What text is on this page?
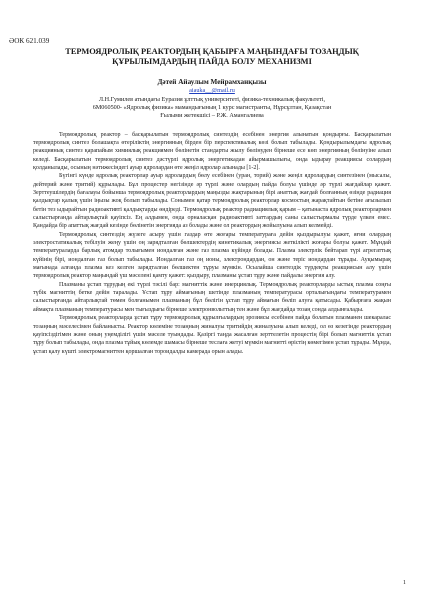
ӘОК 621.039
ТЕРМОЯДРОЛЫҚ РЕАКТОРДЫҢ ҚАБЫРҒА МАҢЫНДАҒЫ ТОЗАҢДЫҚ
ҚҰРЫЛЫМДАРДЫҢ ПАЙДА БОЛУ МЕХАНИЗМІ
Дәтей Айаулым Мейрамханқызы
aiauka__@mail.ru
Л.Н.Гумилев атындағы Еуразия ұлттық университеті, физика-техникалық факультеті,
6М060500- «Ядролық физика» мамандығының 1 курс магистранты, Нұрсұлтан, Қазақстан
Ғылыми жетекшісі – Р.Ж. Амангалиева

Термоядролық реактор – басқарылатын термоядролық синтездің есебінен энергия алынатын қондырғы. Басқарылатын термоядролық синтез болашақта өтеріліктің энергияның бірден бір перспективалық көзі болып табылады. Қондырылымдағы ядролық реакциянық синтез қарапайым химиялық реакциямен бөлінетін стандарты жылу бөлінуден бірнеше есе көп энергияның бөлінуіне алып келеді. Басқарылатын термоядролық синтез дәстүрлі ядролық энергетикадан айырмашылығы, онда ыдырау реакциясы солардың қолданылады, осының нәтижесіндегі ауыр ядролардан өте жеңіл ядролар алынады [1-2].

Бүгінгі күнде ядролық реакторлар ауыр ядролардың бөлу есебінен (уран, торий) және жеңіл ядролардың синтезінен (мысалы, дейтерий және тритий) құрылады. Бұл процестер негізінде әр түрлі және олардың пайда болуы үшінде әр түрлі жағдайлар қажет. Зерттеушілердің бағалауы бойынша термоядролық реакторлардың маңызды жақтарының бірі анаттық жағдай болғанның өзінде радиация қалдықтар қалық үшін іңызы жоқ болып табылады. Сонымен қатар термоядролық реакторлар космостың жарақтайтын бетіне ағызылып бетін тез ыдырайтын радиоактивті қалдықтарды өндіреді. Термоядролық реактор радиациялық қарым – қатынаста ядролық реакторлармен салыстырғанда айтарлықтай қауіпсіз. Ең алдымен, онда орналасқан радиоактивті заттардың саны салыстырмалы түрде үлкен емес. Қандайда бір апаттық жағдай кезінде бөлінетін энергияда аз болады және ол реактордың жойылуына алып келмейді.

Термоядролық синтездің жүзеге асыру үшін газдар өте жоғары температураға дейін қыздырылуы қажет, яғни олардың электростатикалық тебілуін жеңу үшін оң зарядталған бөлшектердің кинетикалық энергиясы жеткілікті жоғары болуы қажет. Мұндай температураларда барлық атомдар толығымен иондалған және газ плазма күйінде болады. Плазма электрлік бейтарап түрі агрегаттық күйінің бірі, иондалған газ болып табылады. Иондалған газ оң ионы, электрондардан, он және теріс иондардан тұрады. Ауқымырақ мағынада алғанда плазма кез келген зарядталған бөлшектен тұруы мүмкін. Осылайша синтездік түрдеқты реакциясын алу үшін термоядролық реактор маңындай үш мәселені қамту қажет: қыздыру, плазманы ұстап тұру және пайдалы энергия алу.

Плазманы ұстап тұрудың екі түрлі тәсілі бар: магниттік және инерциялық. Термоядролық реакторларды ыстық плазма соңғы түбік магниттің бетке дейін таралады. Ұстап тұру аймағының шетінде плазманың температурасы орталығындағы температурамен салыстырғанда айтарлықтай төмен болғанымен плазманың бұл бөлігін ұстап тұру аймағын бөліп алуға қатысады. Қабырғаға жақын аймақта плазманың температурасы мен тығыздығы бірнеше электронвольттың тен және бұл жағдайда тозаң сонда алдынғалады.

Термоядролық реакторларда ұстап тұру термоядролық құрылғылардың эрозиясы есебінен пайда болатын плазманен шекаралас тозаңның мәселесімен байланысты. Реактор көлеміне тозаңның жиналуы тритийдің жиналуына алып келеді, ол өз кезегінде реактордың қауіпсіздігімен және оның уңемділігі үшін мәселе туындады. Қазіргі таңда жасалған зерттелетін процестің бірі болып магниттік ұстап тұру болып табылады, онда плазма тұйық көлемде шамасы бірнеше теслаға жетуі мүмкін магнитті өрістің көмегімен ұстап тұрады. Мұнда, ұстап қалу күшті электромагниттен қоршалған тороидалды камерада орын алады.

1
